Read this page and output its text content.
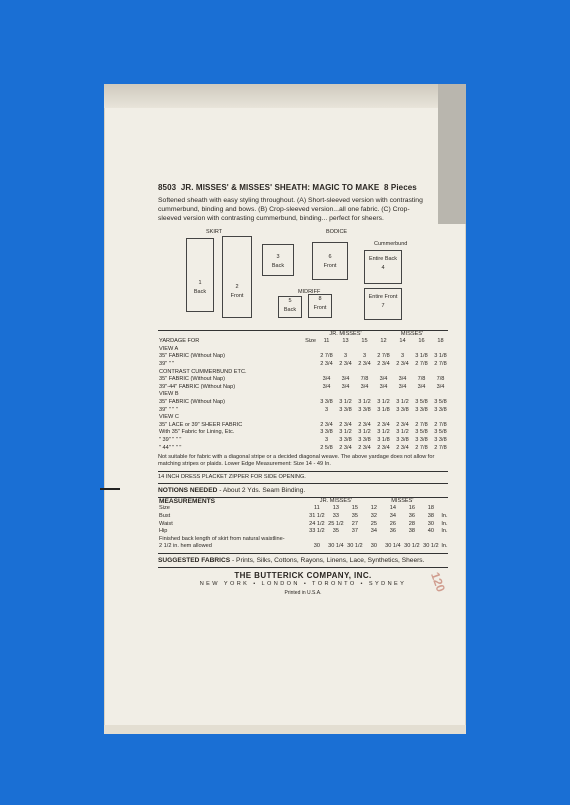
8503 JR. MISSES' & MISSES' SHEATH: MAGIC TO MAKE 8 Pieces
Softened sheath with easy styling throughout. (A) Short-sleeved version with contrasting cummerbund, binding and bows. (B) Crop-sleeved version...all one fabric. (C) Crop-sleeved version with contrasting cummerbund, binding... perfect for sheers.
SKIRT	BODICE
Cummerbund
MIDRIFF
1
Back
2
Front
3
Back
6
Front
Entire Back
4
5
Back
8
Front
Entire Front
7
	JR. MISSES'			MISSES'			
YARDAGE FOR Size	11	13	15	12	14	16	18
VIEW A							
35" FABRIC (Without Nap)	2 7/8	3	3	2 7/8	3	3 1/8	3 1/8
39" " "	2 3/4	2 3/4	2 3/4	2 3/4	2 3/4	2 7/8	2 7/8
CONTRAST CUMMERBUND ETC.							
35" FABRIC (Without Nap)	3/4	3/4	7/8	3/4	3/4	7/8	7/8
39"-44" FABRIC (Without Nap)	3/4	3/4	3/4	3/4	3/4	3/4	3/4
VIEW B							
35" FABRIC (Without Nap)	3 3/8	3 1/2	3 1/2	3 1/2	3 1/2	3 5/8	3 5/8
39" " " "	3	3 3/8	3 3/8	3 1/8	3 3/8	3 3/8	3 3/8
VIEW C							
35" LACE or 39" SHEER FABRIC	2 3/4	2 3/4	2 3/4	2 3/4	2 3/4	2 7/8	2 7/8
With 35" Fabric for Lining, Etc.	3 3/8	3 1/2	3 1/2	3 1/2	3 1/2	3 5/8	3 5/8
" 39" " " "	3	3 3/8	3 3/8	3 1/8	3 3/8	3 3/8	3 3/8
" 44" " " "	2 5/8	2 3/4	2 3/4	2 3/4	2 3/4	2 7/8	2 7/8
Not suitable for fabric with a diagonal stripe or a decided diagonal weave. The above yardage does not allow for matching stripes or plaids. Lower Edge Measurement: Size 14 - 49 In.
14 INCH DRESS PLACKET ZIPPER FOR SIDE OPENING.
NOTIONS NEEDED - About 2 Yds. Seam Binding.
MEASUREMENTS	JR. MISSES'			MISSES'				
Size	11	13	15	12	14	16	18	
Bust	31 1/2	33	35	32	34	36	38	In.
Waist	24 1/2	25 1/2	27	25	26	28	30	In.
Hip	33 1/2	35	37	34	36	38	40	In.
Finished back length of skirt from natural waistline-								
2 1/2 in. hem allowed	30	30 1/4	30 1/2	30	30 1/4	30 1/2	30 1/2	In.
SUGGESTED FABRICS - Prints, Silks, Cottons, Rayons, Linens, Lace, Synthetics, Sheers.
THE BUTTERICK COMPANY, INC.
NEW YORK • LONDON • TORONTO • SYDNEY
Printed in U.S.A.	120
